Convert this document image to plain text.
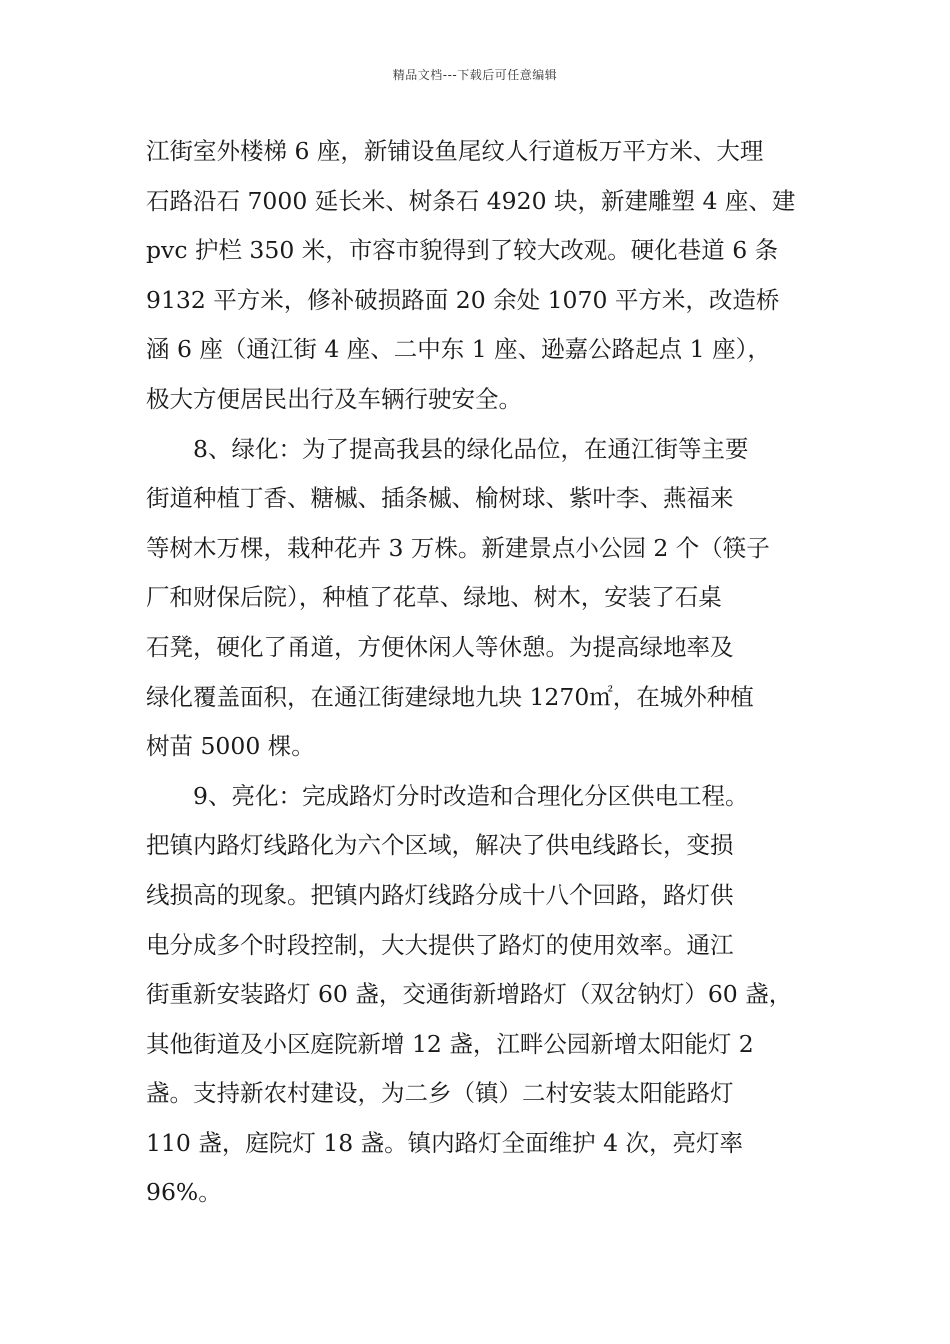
精品文档---下载后可任意编辑
江街室外楼梯 6 座，新铺设鱼尾纹人行道板万平方米、大理
石路沿石 7000 延长米、树条石 4920 块，新建雕塑 4 座、建
pvc 护栏 350 米，市容市貌得到了较大改观。硬化巷道 6 条
9132 平方米，修补破损路面 20 余处 1070 平方米，改造桥
涵 6 座（通江街 4 座、二中东 1 座、逊嘉公路起点 1 座），
极大方便居民出行及车辆行驶安全。
8、绿化：为了提高我县的绿化品位，在通江街等主要
街道种植丁香、糖槭、插条槭、榆树球、紫叶李、燕福来
等树木万棵，栽种花卉 3 万株。新建景点小公园 2 个（筷子
厂和财保后院），种植了花草、绿地、树木，安装了石桌
石凳，硬化了甬道，方便休闲人等休憩。为提高绿地率及
绿化覆盖面积，在通江街建绿地九块 1270㎡，在城外种植
树苗 5000 棵。
9、亮化：完成路灯分时改造和合理化分区供电工程。
把镇内路灯线路化为六个区域，解决了供电线路长，变损
线损高的现象。把镇内路灯线路分成十八个回路，路灯供
电分成多个时段控制，大大提供了路灯的使用效率。通江
街重新安装路灯 60 盏，交通街新增路灯（双岔钠灯）60 盏，
其他街道及小区庭院新增 12 盏，江畔公园新增太阳能灯 2
盏。支持新农村建设，为二乡（镇）二村安装太阳能路灯
110 盏，庭院灯 18 盏。镇内路灯全面维护 4 次，亮灯率
96%。
